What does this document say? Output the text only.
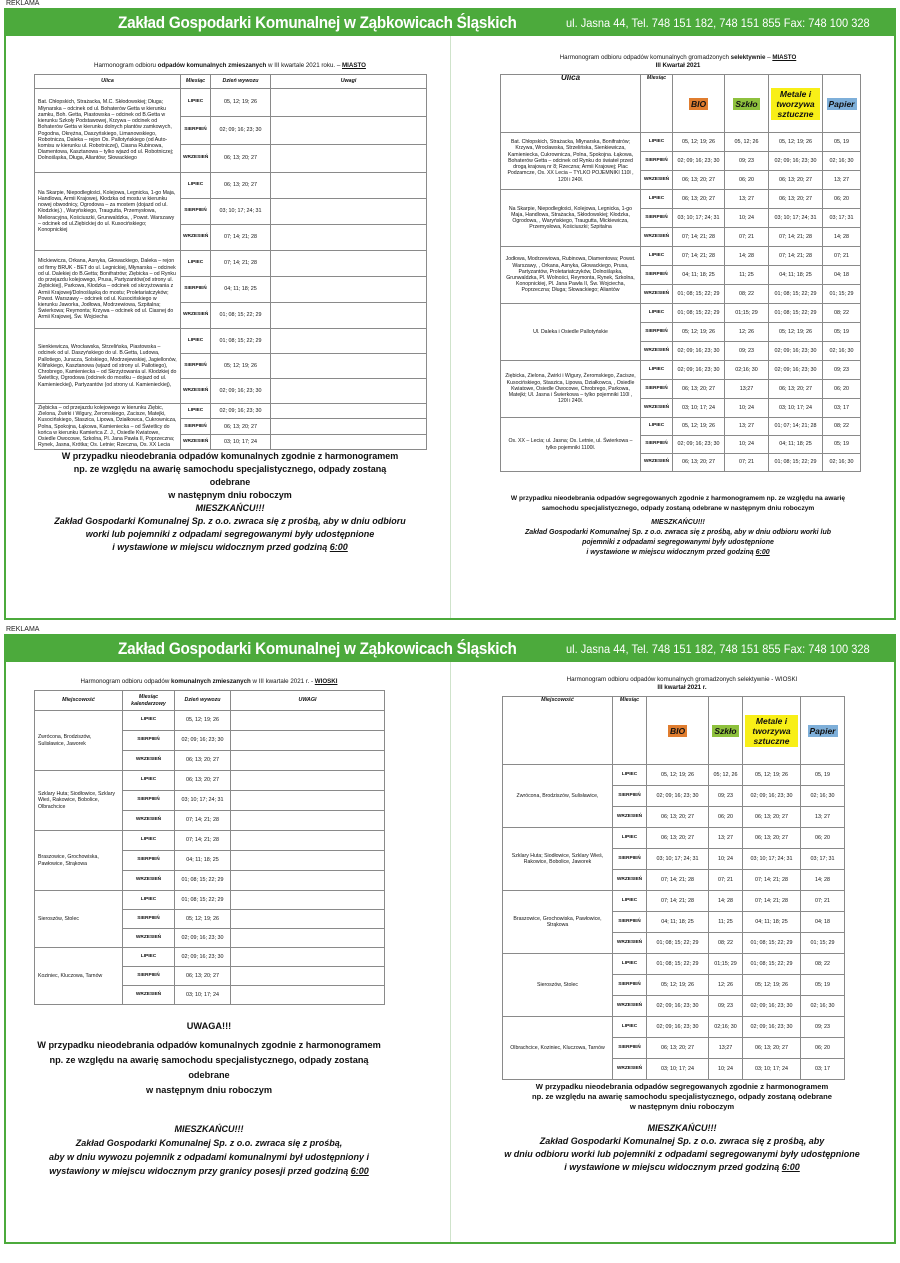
REKLAMA
Zakład Gospodarki Komunalnej w Ząbkowicach Śląskich	ul. Jasna 44, Tel. 748 151 182, 748 151 855 Fax: 748 100 328
Harmonogram odbioru odpadów komunalnych zmieszanych w III kwartale 2021 roku. – MIASTO
Ulica	Miesiąc	Dzień wywozu	Uwagi
Bat. Chłopskich, Strażacka, M.C. Skłodowskiej; Długa; Młynarska – odcinek od ul. Bohaterów Getta w kierunku zamku, Boh. Getta, Piastowska – odcinek od B.Getta w kierunku Szkoły Podstawowej, Krzywa – odcinek od Bohaterów Getta w kierunku dolnych plantów zamkowych, Pogodna, Okrężna, Daszyńskiego, Limanowskiego, Robotnicza, Daleka – rejon Os. Pallotyńskiego (od Auto-komisu w kierunku ul. Robotniczej), Ciasna Rubinowa, Diamentowa, Kasztanowa – tylko wjazd od ul. Robotniczej; Dolnośląska, Długa, Aliantów; Słowackiego	LIPIEC	05, 12; 19; 26	
	SIERPIEŃ	02; 09; 16; 23; 30	
	WRZESIEŃ	06; 13; 20; 27	
Na Skarpie, Niepodległości, Kolejowa, Legnicka, 1-go Maja, Handlowa, Armii Krajowej, Kłodzka od mostu w kierunku nowej obwodnicy, Ogrodowa – za mostem (dojazd od ul. Kłodzkiej.) , Waryńskiego, Traugutta, Przemysłowa, Melioracyjna, Kościuszki, Grunwaldzka, , Powst. Warszawy – odcinek od ul.Ziębickiej do ul. Kusocińskiego; Konopnickiej	LIPIEC	06; 13; 20; 27	
	SIERPIEŃ	03; 10; 17; 24; 31	
	WRZESIEŃ	07; 14; 21; 28	
Mickiewicza, Orkana, Asnyka, Głowackiego, Daleka – rejon od firmy BRUK - BET do ul. Legnickiej, Młynarska – odcinek od ul. Dalekiej do B.Getta; Bonifratrów; Ziębicka – od Rynku do przejazdu kolejowego, Prusa, Partyzantów(od strony ul. Ziębickiej), Parkowa, Kłodzka – odcinek od skrzyżowania z Armii Krajowej/Dolnośląską do mostu; Proletariatczyków; Powst. Warszawy – odcinek od ul. Kusocińskiego w kierunku Jaworka, Jodłowa, Modrzewiowa, Szpitalna; Świerkowa; Reymonta; Krzywa – odcinek od ul. Ciasnej do Armii Krajowej, Św. Wojciecha	LIPIEC	07; 14; 21; 28	
	SIERPIEŃ	04; 11; 18; 25	
	WRZESIEŃ	01; 08; 15; 22; 29	
Sienkiewicza, Wrocławska, Strzelińska, Piastowska – odcinek od ul. Daszyńskiego do ul. B.Getta, Ludowa, Pallotiego, Juracza, Solskiego, Modrzejewskiej, Jagiellonów, Kilińskiego, Kasztanowa (wjazd od strony ul. Pallotiego), Chrobrego, Kamieniecka – od Skrzyżowania ul. Kłodzkiej do Świetlicy, Ogrodowa (odcinek do mostku – dojazd od ul. Kamienieckiej), Partyzantów (od strony ul. Kamienieckiej),	LIPIEC	01; 08; 15; 22; 29	
	SIERPIEŃ	05; 12; 19; 26	
	WRZESIEŃ	02; 09; 16; 23; 30	
Ziębicka – od przejazdu kolejowego w kierunku Ziębic, Zielona, Żwirki i Wigury, Żeromskiego, Zacisze, Matejki, Kusocińskiego, Staszica, Lipowa, Działkowca, Cukrownicza, Polna, Spokojna, Łąkowa, Kamieniecka – od Świetlicy do końca w kierunku Kamieńca Z. J., Osiedle Kwiatowe, Osiedle Owocowe, Szkolna, Pl. Jana Pawła II, Poprzeczna; Rynek, Jasna, Krótka; Os. Letnie; Rzeczna, Os. XX Lecia	LIPIEC	02; 09; 16; 23; 30	
	SIERPIEŃ	06; 13; 20; 27	
	WRZESIEŃ	03; 10; 17; 24	
W przypadku nieodebrania odpadów komunalnych zgodnie z harmonogramem
np. ze względu na awarię samochodu specjalistycznego, odpady zostaną
odebrane
w następnym dniu roboczym
MIESZKAŃCU!!!
Zakład Gospodarki Komunalnej Sp. z o.o. zwraca się z prośbą, aby w dniu odbioru
worki lub pojemniki z odpadami segregowanymi były udostępnione
i wystawione w miejscu widocznym przed godziną 6:00
Harmonogram odbioru odpadów komunalnych gromadzonych selektywnie – MIASTO
III Kwartał 2021
Ulica	Miesiąc	BIO	Szkło	Metale i tworzywa sztuczne	Papier
Bat. Chłopskich, Strażacka, Młynarska, Bonifratrów; Krzywa, Wrocławska, Strzelińska, Sienkiewicza, Kamieniecka, Cukrownicza, Polna, Spokojna. Łąkowa, Bohaterów Getta – odcinek od Rynku do świateł przed drogą krajową nr 8; Rzeczna; Armii Krajowej; Plac Podzamcze, Os. XX Lecia – TYLKO POJEMNIKI 110l , 120l i 240l.	LIPIEC	05, 12; 19; 26	05, 12; 26	05, 12; 19; 26	05, 19
	SIERPIEŃ	02; 09; 16; 23; 30	09; 23	02; 09; 16; 23; 30	02; 16; 30
	WRZESIEŃ	06; 13; 20; 27	06; 20	06; 13; 20; 27	13; 27
Na Skarpie, Niepodległości, Kolejowa, Legnicka, 1-go Maja, Handlowa, Strażacka, Skłodowskiej; Kłodzka, Ogrodowa, , Waryńskiego, Traugutta, Mickiewicza, Przemysłowa, Kościuszki; Szpitalna	LIPIEC	06; 13; 20; 27	13; 27	06; 13; 20; 27	06; 20
	SIERPIEŃ	03; 10; 17; 24; 31	10; 24	03; 10; 17; 24; 31	03; 17; 31
	WRZESIEŃ	07; 14; 21; 28	07; 21	07; 14; 21; 28	14; 28
Jodłowa, Modrzewiowa, Rubinowa, Diamentowa; Powst. Warszawy, , Orkana, Asnyka, Głowackiego, Prusa, Partyzantów, Proletariatczyków, Dolnośląska, Grunwaldzka, Pl. Wolności, Reymonta, Rynek, Szkolna, Konopnickiej, Pl. Jana Pawła II, Św. Wojciecha, Poprzeczna; Długa; Słowackiego; Aliantów	LIPIEC	07; 14; 21; 28	14; 28	07; 14; 21; 28	07; 21
	SIERPIEŃ	04; 11; 18; 25	11; 25	04; 11; 18; 25	04; 18
	WRZESIEŃ	01; 08; 15; 22; 29	08; 22	01; 08; 15; 22; 29	01; 15; 29
Ul. Daleka i Osiedle Pallotyńskie	LIPIEC	01; 08; 15; 22; 29	01;15; 29	01; 08; 15; 22; 29	08; 22
	SIERPIEŃ	05; 12; 19; 26	12; 26	05; 12; 19; 26	05; 19
	WRZESIEŃ	02; 09; 16; 23; 30	09; 23	02; 09; 16; 23; 30	02; 16; 30
Ziębicka, Zielona, Żwirki i Wigury, Żeromskiego, Zacisze, Kusocińskiego, Staszica, Lipowa, Działkowca, , Osiedle Kwiatowe, Osiedle Owocowe, Chrobrego, Parkowa, Matejki; Ul. Jasna i Świerkowa – tylko pojemniki 110l , 120l i 240l.	LIPIEC	02; 09; 16; 23; 30	02;16; 30	02; 09; 16; 23; 30	09; 23
	SIERPIEŃ	06; 13; 20; 27	13;27	06; 13; 20; 27	06; 20
	WRZESIEŃ	03; 10; 17; 24	10; 24	03; 10; 17; 24	03; 17
Os. XX – Lecia; ul. Jasna; Os. Letnie, ul. Świerkowa – tylko pojemniki 1100l.	LIPIEC	05, 12; 19; 26	13; 27	01; 07; 14; 21; 28	08; 22
	SIERPIEŃ	02; 09; 16; 23; 30	10; 24	04; 11; 18; 25	05; 19
	WRZESIEŃ	06; 13; 20; 27	07; 21	01; 08; 15; 22; 29	02; 16; 30
W przypadku nieodebrania odpadów segregowanych zgodnie z harmonogramem np. ze względu na awarię
samochodu specjalistycznego, odpady zostaną odebrane w następnym dniu roboczym
MIESZKAŃCU!!!
Zakład Gospodarki Komunalnej Sp. z o.o. zwraca się z prośbą, aby w dniu odbioru worki lub
pojemniki z odpadami segregowanymi były udostępnione
i wystawione w miejscu widocznym przed godziną 6:00
REKLAMA
Zakład Gospodarki Komunalnej w Ząbkowicach Śląskich	ul. Jasna 44, Tel. 748 151 182, 748 151 855 Fax: 748 100 328
Harmonogram odbioru odpadów komunalnych zmieszanych w III kwartale 2021 r. - WIOSKI
Miejscowość	Miesiąc kalendarzowy	Dzień wywozu	UWAGI
Zwrócona, Brodziszów, Sulisławice, Jaworek	LIPIEC	05, 12; 19; 26	
	SIERPIEŃ	02; 09; 16; 23; 30	
	WRZESIEŃ	06; 13; 20; 27	
Szklary Huta; Siodłowice, Szklary Wieś, Rakowice, Bobolice, Olbrachcice	LIPIEC	06; 13; 20; 27	
	SIERPIEŃ	03; 10; 17; 24; 31	
	WRZESIEŃ	07; 14; 21; 28	
Braszowice, Grochowiska, Pawłowice, Strąkowa	LIPIEC	07; 14; 21; 28	
	SIERPIEŃ	04; 11; 18; 25	
	WRZESIEŃ	01; 08; 15; 22; 29	
Sieroszów, Stolec	LIPIEC	01; 08; 15; 22; 29	
	SIERPIEŃ	05; 12; 19; 26	
	WRZESIEŃ	02; 09; 16; 23; 30	
Koziniec, Kluczowa, Tarnów	LIPIEC	02; 09; 16; 23; 30	
	SIERPIEŃ	06; 13; 20; 27	
	WRZESIEŃ	03; 10; 17; 24	
UWAGA!!!
W przypadku nieodebrania odpadów komunalnych zgodnie z harmonogramem
np. ze względu na awarię samochodu specjalistycznego, odpady zostaną odebrane
w następnym dniu roboczym
MIESZKAŃCU!!!
Zakład Gospodarki Komunalnej Sp. z o.o. zwraca się z prośbą,
aby w dniu wywozu pojemnik z odpadami komunalnymi był udostępniony i
wystawiony w miejscu widocznym przy granicy posesji przed godziną 6:00
Harmonogram odbioru odpadów komunalnych gromadzonych selektywnie - WIOSKI
III kwartał 2021 r.
Miejscowość	Miesiąc	BIO	Szkło	Metale i tworzywa sztuczne	Papier
Zwrócona, Brodziszów, Sulisławice,	LIPIEC	05, 12; 19; 26	05; 12, 26	05, 12; 19; 26	05, 19
	SIERPIEŃ	02; 09; 16; 23; 30	09; 23	02; 09; 16; 23; 30	02; 16; 30
	WRZESIEŃ	06; 13; 20; 27	06; 20	06; 13; 20; 27	13; 27
Szklary Huta; Siodłowice, Szklary Wieś, Rakowice, Bobolice, Jaworek	LIPIEC	06; 13; 20; 27	13; 27	06; 13; 20; 27	06; 20
	SIERPIEŃ	03; 10; 17; 24; 31	10; 24	03; 10; 17; 24; 31	03; 17; 31
	WRZESIEŃ	07; 14; 21; 28	07; 21	07; 14; 21; 28	14; 28
Braszowice, Grochowiska, Pawłowice, Strąkowa	LIPIEC	07; 14; 21; 28	14; 28	07; 14; 21; 28	07; 21
	SIERPIEŃ	04; 11; 18; 25	11; 25	04; 11; 18; 25	04; 18
	WRZESIEŃ	01; 08; 15; 22; 29	08; 22	01; 08; 15; 22; 29	01; 15; 29
Sieroszów, Stolec	LIPIEC	01; 08; 15; 22; 29	01;15; 29	01; 08; 15; 22; 29	08; 22
	SIERPIEŃ	05; 12; 19; 26	12; 26	05; 12; 19; 26	05; 19
	WRZESIEŃ	02; 09; 16; 23; 30	09; 23	02; 09; 16; 23; 30	02; 16; 30
Olbrachcice, Koziniec, Kluczowa, Tarnów	LIPIEC	02; 09; 16; 23; 30	02;16; 30	02; 09; 16; 23; 30	09; 23
	SIERPIEŃ	06; 13; 20; 27	13;27	06; 13; 20; 27	06; 20
	WRZESIEŃ	03; 10; 17; 24	10; 24	03; 10; 17; 24	03; 17
W przypadku nieodebrania odpadów segregowanych zgodnie z harmonogramem
np. ze względu na awarię samochodu specjalistycznego, odpady zostaną odebrane
w następnym dniu roboczym
MIESZKAŃCU!!!
Zakład Gospodarki Komunalnej Sp. z o.o. zwraca się z prośbą, aby
w dniu odbioru worki lub pojemniki z odpadami segregowanymi były udostępnione
i wystawione w miejscu widocznym przed godziną 6:00
